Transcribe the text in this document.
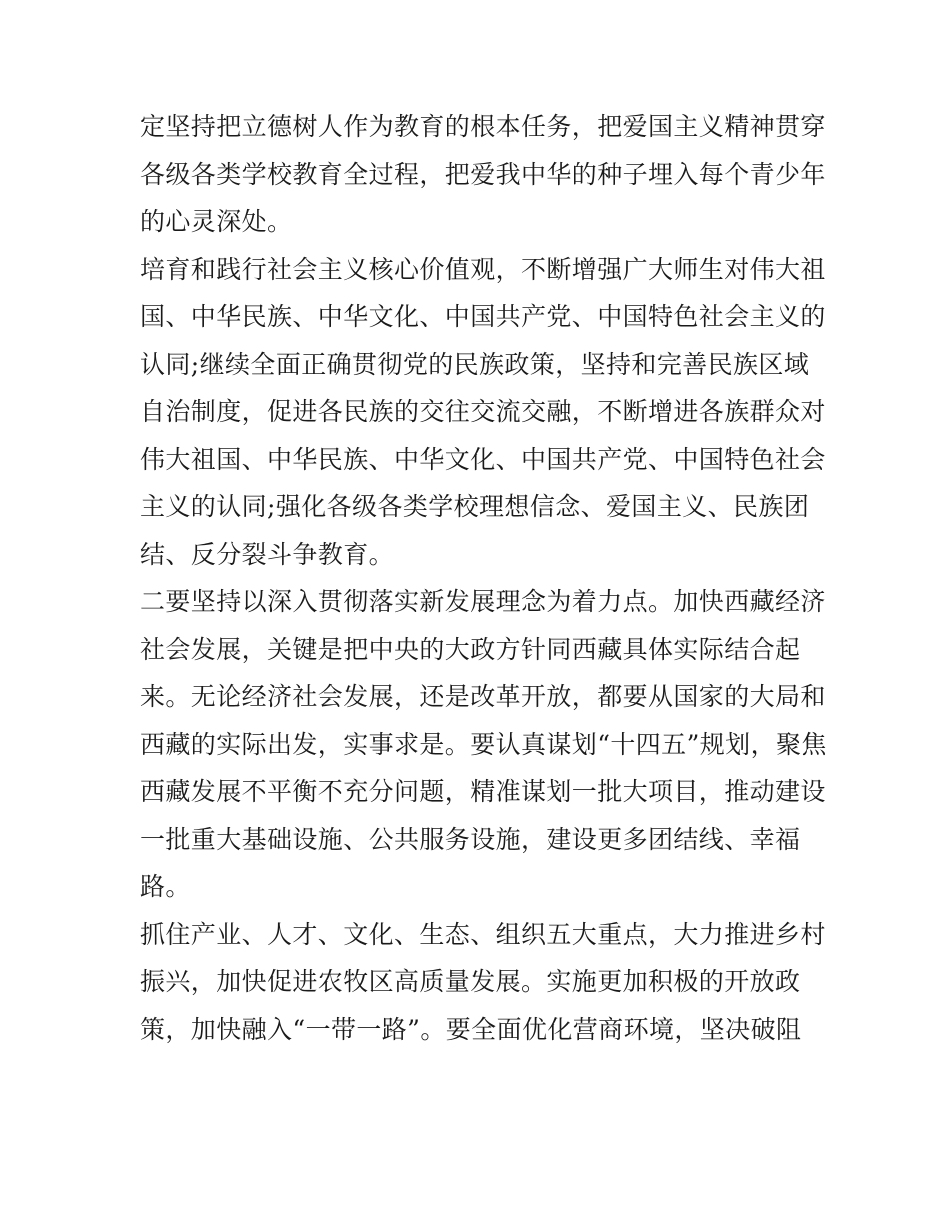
定坚持把立德树人作为教育的根本任务，把爱国主义精神贯穿
各级各类学校教育全过程，把爱我中华的种子埋入每个青少年
的心灵深处。
培育和践行社会主义核心价值观，不断增强广大师生对伟大祖
国、中华民族、中华文化、中国共产党、中国特色社会主义的
认同;继续全面正确贯彻党的民族政策，坚持和完善民族区域
自治制度，促进各民族的交往交流交融，不断增进各族群众对
伟大祖国、中华民族、中华文化、中国共产党、中国特色社会
主义的认同;强化各级各类学校理想信念、爱国主义、民族团
结、反分裂斗争教育。
二要坚持以深入贯彻落实新发展理念为着力点。加快西藏经济
社会发展，关键是把中央的大政方针同西藏具体实际结合起
来。无论经济社会发展，还是改革开放，都要从国家的大局和
西藏的实际出发，实事求是。要认真谋划“十四五”规划，聚焦
西藏发展不平衡不充分问题，精准谋划一批大项目，推动建设
一批重大基础设施、公共服务设施，建设更多团结线、幸福
路。
抓住产业、人才、文化、生态、组织五大重点，大力推进乡村
振兴，加快促进农牧区高质量发展。实施更加积极的开放政
策，加快融入“一带一路”。要全面优化营商环境，坚决破阻
